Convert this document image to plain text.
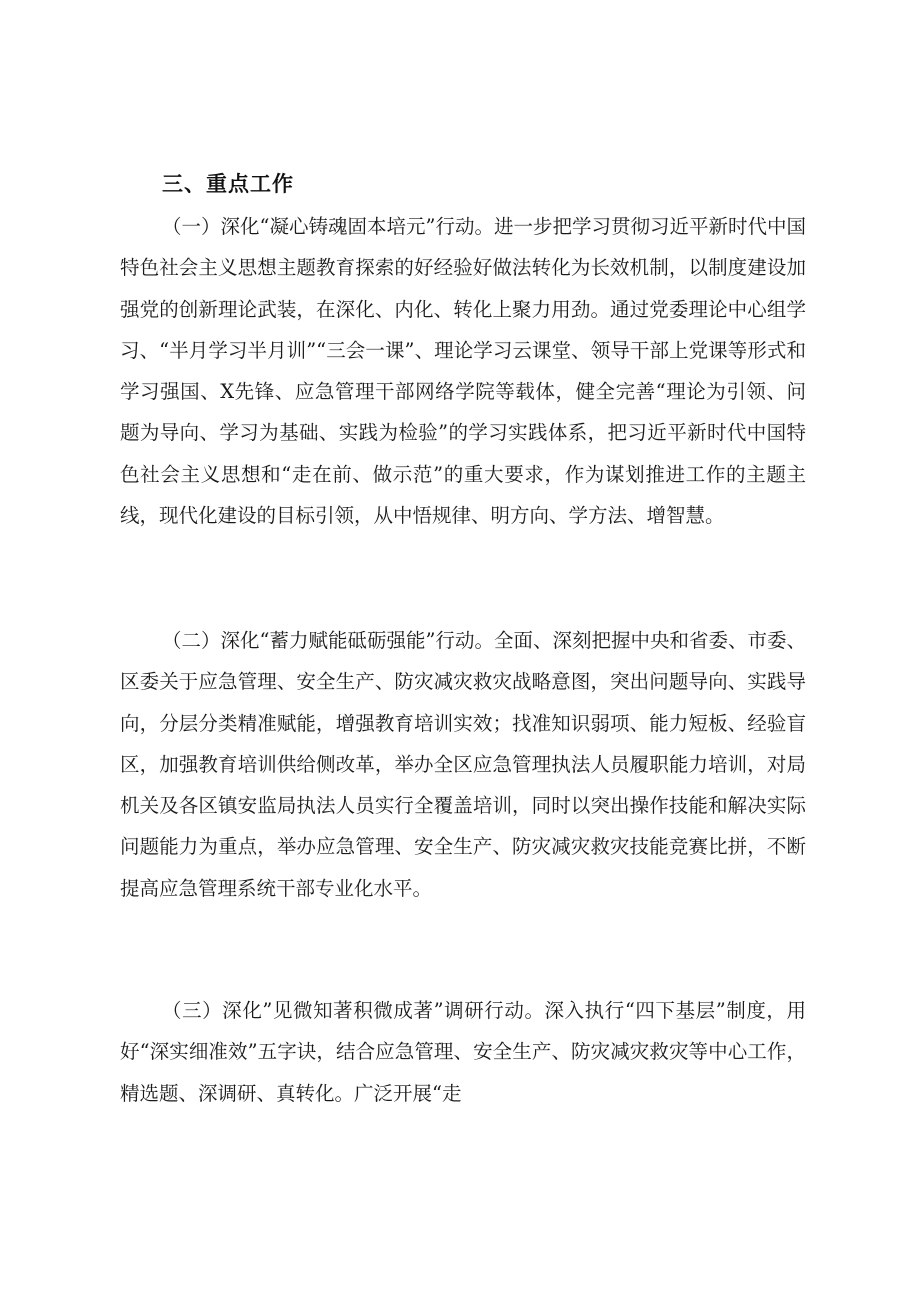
三、重点工作

（一）深化“凝心铸魂固本培元”行动。进一步把学习贯彻习近平新时代中国特色社会主义思想主题教育探索的好经验好做法转化为长效机制，以制度建设加强党的创新理论武装，在深化、内化、转化上聚力用劲。通过党委理论中心组学习、“半月学习半月训”“三会一课”、理论学习云课堂、领导干部上党课等形式和学习强国、X先锋、应急管理干部网络学院等载体，健全完善“理论为引领、问题为导向、学习为基础、实践为检验”的学习实践体系，把习近平新时代中国特色社会主义思想和“走在前、做示范”的重大要求，作为谋划推进工作的主题主线，现代化建设的目标引领，从中悟规律、明方向、学方法、增智慧。

（二）深化“蓄力赋能砥砺强能”行动。全面、深刻把握中央和省委、市委、区委关于应急管理、安全生产、防灾减灾救灾战略意图，突出问题导向、实践导向，分层分类精准赋能，增强教育培训实效；找准知识弱项、能力短板、经验盲区，加强教育培训供给侧改革，举办全区应急管理执法人员履职能力培训，对局机关及各区镇安监局执法人员实行全覆盖培训，同时以突出操作技能和解决实际问题能力为重点，举办应急管理、安全生产、防灾减灾救灾技能竞赛比拼，不断提高应急管理系统干部专业化水平。

（三）深化”见微知著积微成著”调研行动。深入执行“四下基层”制度，用好“深实细准效”五字诀，结合应急管理、安全生产、防灾减灾救灾等中心工作，精选题、深调研、真转化。广泛开展“走
